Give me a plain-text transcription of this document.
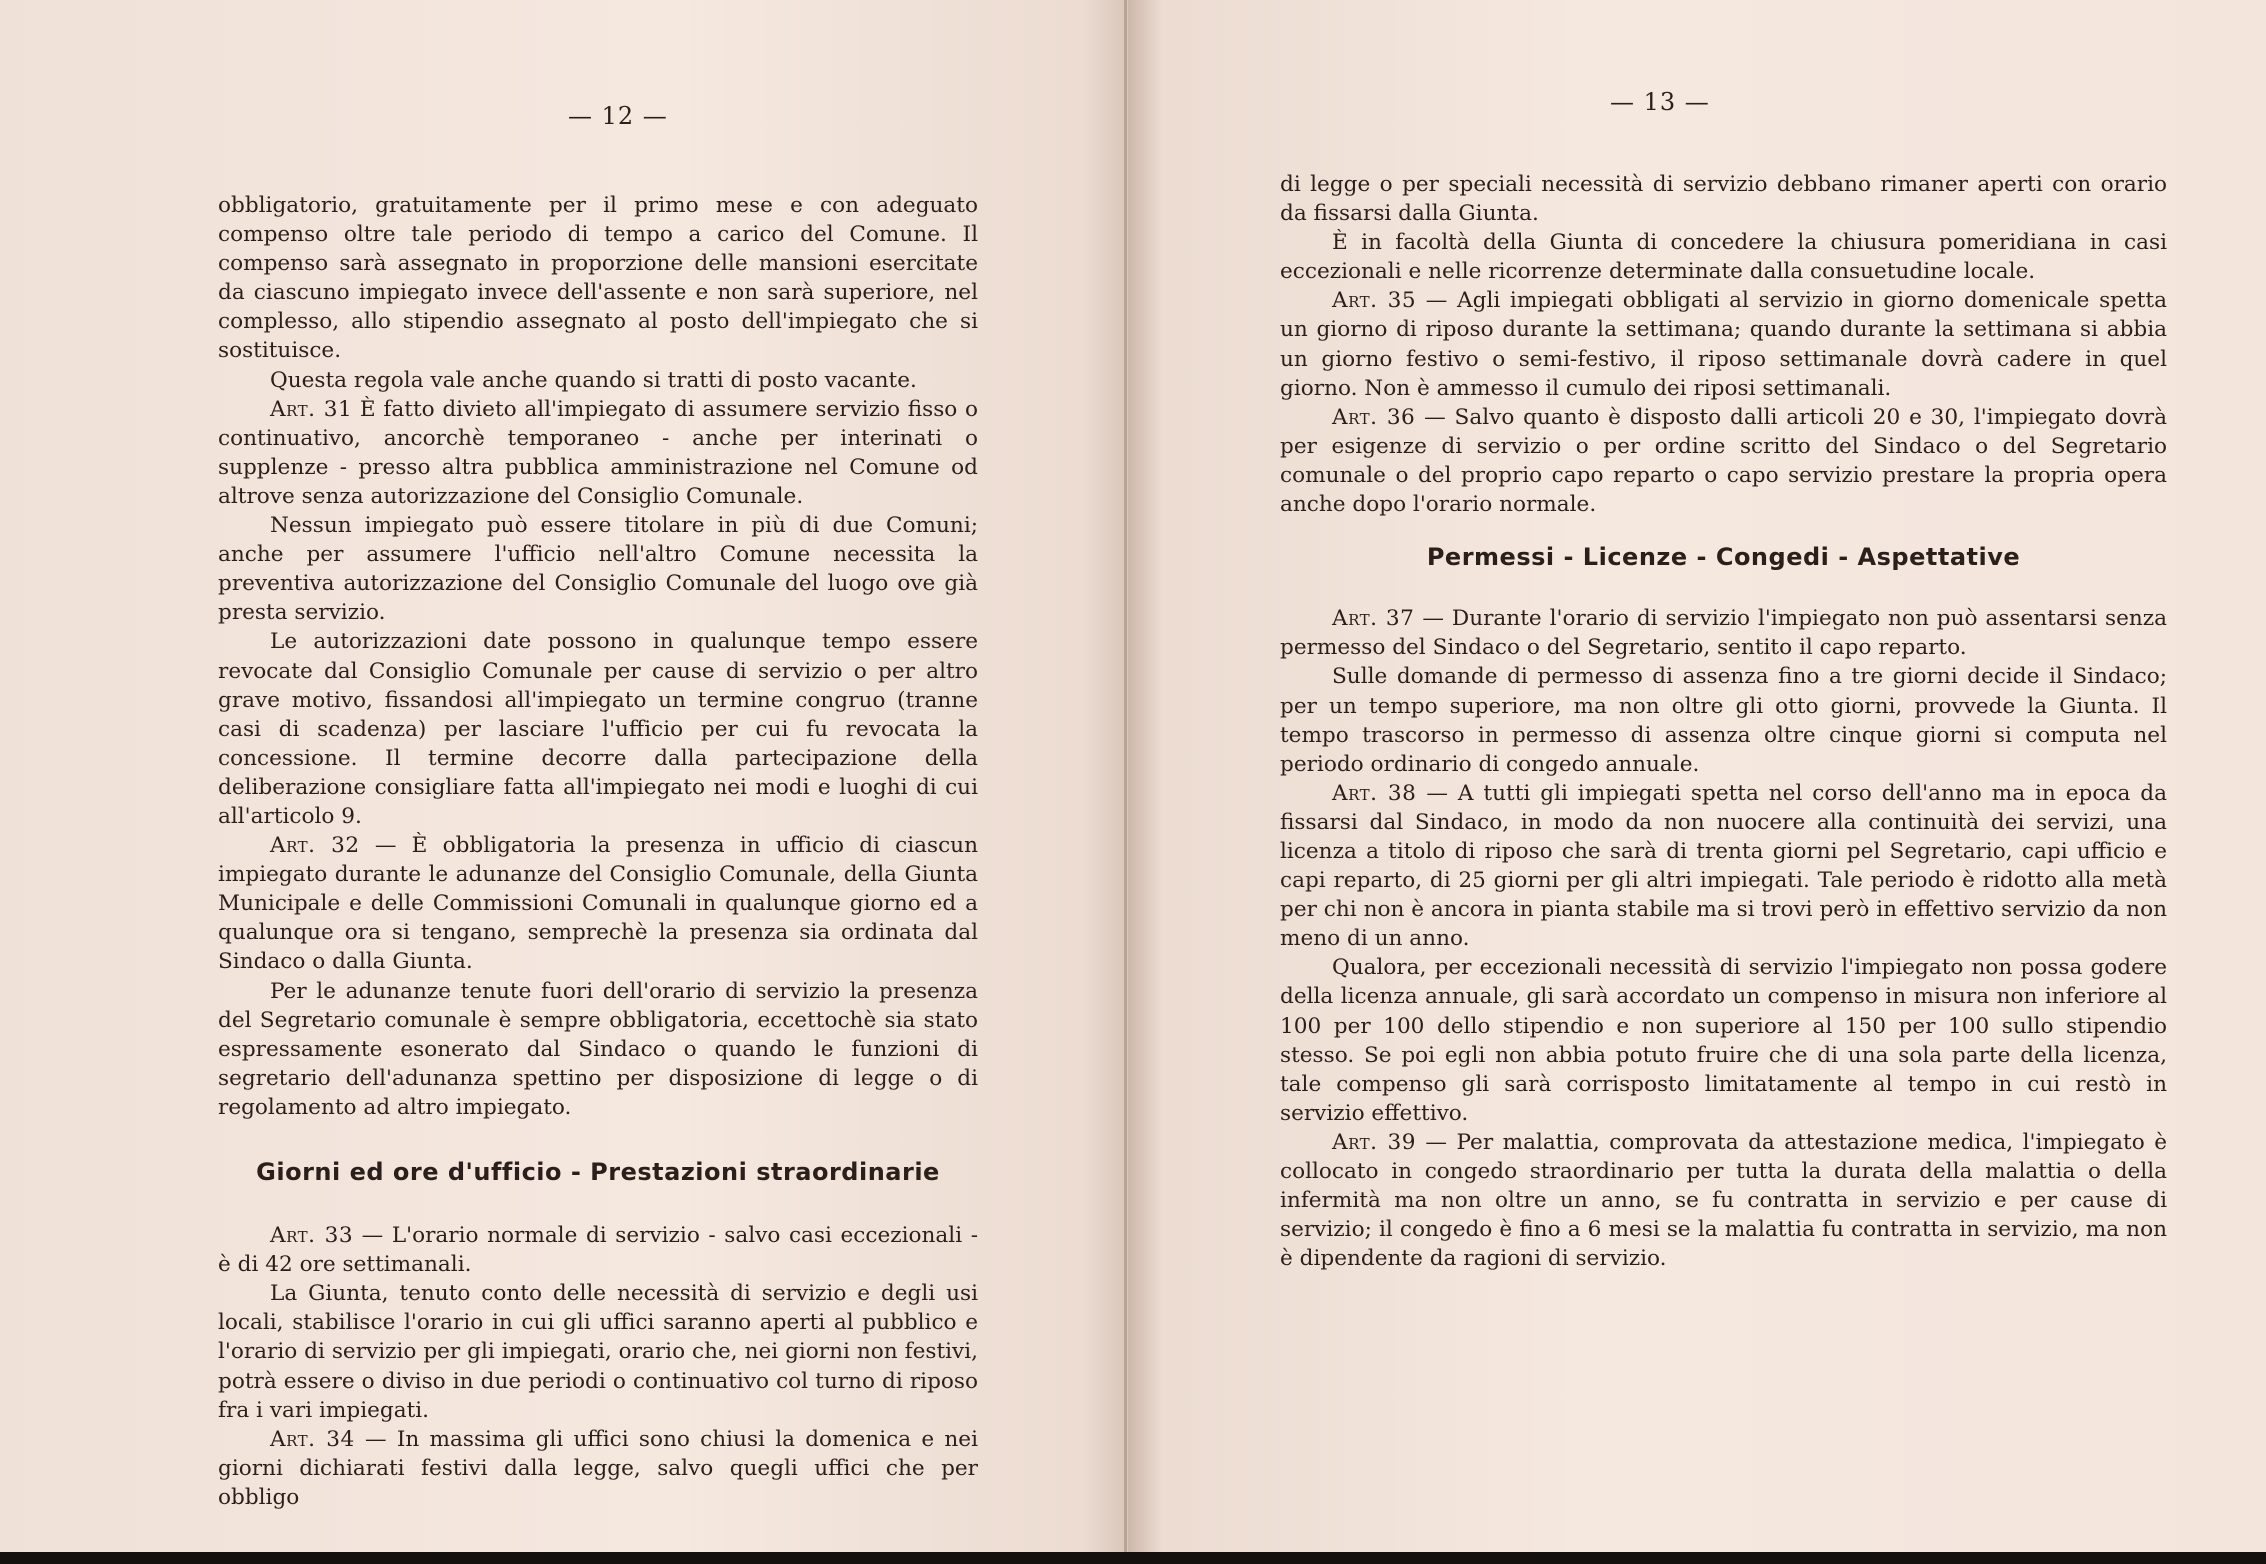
— 12 —

obbligatorio, gratuitamente per il primo mese e con adeguato compenso oltre tale periodo di tempo a carico del Comune. Il compenso sarà assegnato in proporzione delle mansioni esercitate da ciascuno impiegato invece dell'assente e non sarà superiore, nel complesso, allo stipendio assegnato al posto dell'impiegato che si sostituisce.

Questa regola vale anche quando si tratti di posto vacante.

Art. 31 È fatto divieto all'impiegato di assumere servizio fisso o continuativo, ancorchè temporaneo - anche per interinati o supplenze - presso altra pubblica amministrazione nel Comune od altrove senza autorizzazione del Consiglio Comunale.

Nessun impiegato può essere titolare in più di due Comuni; anche per assumere l'ufficio nell'altro Comune necessita la preventiva autorizzazione del Consiglio Comunale del luogo ove già presta servizio.

Le autorizzazioni date possono in qualunque tempo essere revocate dal Consiglio Comunale per cause di servizio o per altro grave motivo, fissandosi all'impiegato un termine congruo (tranne casi di scadenza) per lasciare l'ufficio per cui fu revocata la concessione. Il termine decorre dalla partecipazione della deliberazione consigliare fatta all'impiegato nei modi e luoghi di cui all'articolo 9.

Art. 32 — È obbligatoria la presenza in ufficio di ciascun impiegato durante le adunanze del Consiglio Comunale, della Giunta Municipale e delle Commissioni Comunali in qualunque giorno ed a qualunque ora si tengano, semprechè la presenza sia ordinata dal Sindaco o dalla Giunta.

Per le adunanze tenute fuori dell'orario di servizio la presenza del Segretario comunale è sempre obbligatoria, eccettochè sia stato espressamente esonerato dal Sindaco o quando le funzioni di segretario dell'adunanza spettino per disposizione di legge o di regolamento ad altro impiegato.

Giorni ed ore d'ufficio - Prestazioni straordinarie

Art. 33 — L'orario normale di servizio - salvo casi eccezionali - è di 42 ore settimanali.

La Giunta, tenuto conto delle necessità di servizio e degli usi locali, stabilisce l'orario in cui gli uffici saranno aperti al pubblico e l'orario di servizio per gli impiegati, orario che, nei giorni non festivi, potrà essere o diviso in due periodi o continuativo col turno di riposo fra i vari impiegati.

Art. 34 — In massima gli uffici sono chiusi la domenica e nei giorni dichiarati festivi dalla legge, salvo quegli uffici che per obbligo

— 13 —

di legge o per speciali necessità di servizio debbano rimaner aperti con orario da fissarsi dalla Giunta.

È in facoltà della Giunta di concedere la chiusura pomeridiana in casi eccezionali e nelle ricorrenze determinate dalla consuetudine locale.

Art. 35 — Agli impiegati obbligati al servizio in giorno domenicale spetta un giorno di riposo durante la settimana; quando durante la settimana si abbia un giorno festivo o semi-festivo, il riposo settimanale dovrà cadere in quel giorno. Non è ammesso il cumulo dei riposi settimanali.

Art. 36 — Salvo quanto è disposto dalli articoli 20 e 30, l'impiegato dovrà per esigenze di servizio o per ordine scritto del Sindaco o del Segretario comunale o del proprio capo reparto o capo servizio prestare la propria opera anche dopo l'orario normale.

Permessi - Licenze - Congedi - Aspettative

Art. 37 — Durante l'orario di servizio l'impiegato non può assentarsi senza permesso del Sindaco o del Segretario, sentito il capo reparto.

Sulle domande di permesso di assenza fino a tre giorni decide il Sindaco; per un tempo superiore, ma non oltre gli otto giorni, provvede la Giunta. Il tempo trascorso in permesso di assenza oltre cinque giorni si computa nel periodo ordinario di congedo annuale.

Art. 38 — A tutti gli impiegati spetta nel corso dell'anno ma in epoca da fissarsi dal Sindaco, in modo da non nuocere alla continuità dei servizi, una licenza a titolo di riposo che sarà di trenta giorni pel Segretario, capi ufficio e capi reparto, di 25 giorni per gli altri impiegati. Tale periodo è ridotto alla metà per chi non è ancora in pianta stabile ma si trovi però in effettivo servizio da non meno di un anno.

Qualora, per eccezionali necessità di servizio l'impiegato non possa godere della licenza annuale, gli sarà accordato un compenso in misura non inferiore al 100 per 100 dello stipendio e non superiore al 150 per 100 sullo stipendio stesso. Se poi egli non abbia potuto fruire che di una sola parte della licenza, tale compenso gli sarà corrisposto limitatamente al tempo in cui restò in servizio effettivo.

Art. 39 — Per malattia, comprovata da attestazione medica, l'impiegato è collocato in congedo straordinario per tutta la durata della malattia o della infermità ma non oltre un anno, se fu contratta in servizio e per cause di servizio; il congedo è fino a 6 mesi se la malattia fu contratta in servizio, ma non è dipendente da ragioni di servizio.
